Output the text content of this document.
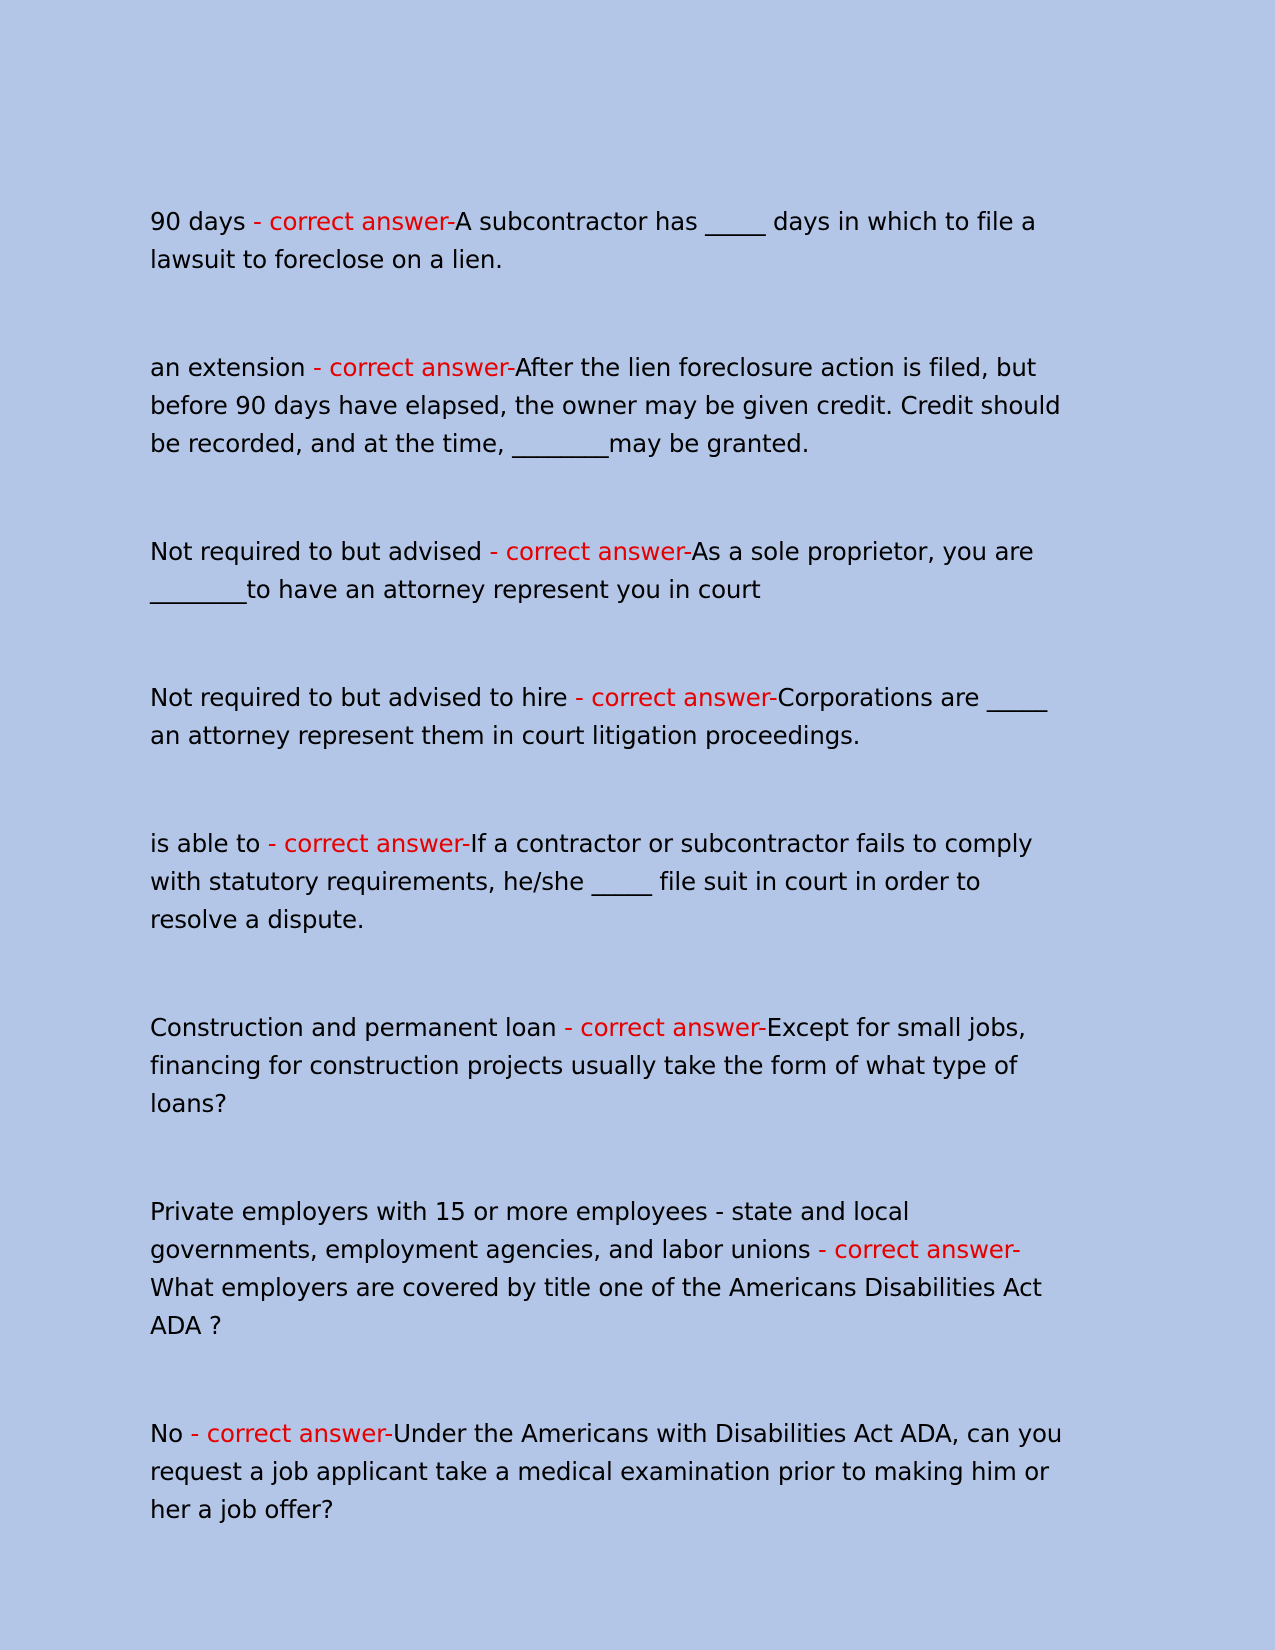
90 days - correct answer-A subcontractor has _____ days in which to file a lawsuit to foreclose on a lien.

an extension - correct answer-After the lien foreclosure action is filed, but before 90 days have elapsed, the owner may be given credit. Credit should be recorded, and at the time, ________may be granted.

Not required to but advised - correct answer-As a sole proprietor, you are ________to have an attorney represent you in court

Not required to but advised to hire - correct answer-Corporations are _____ an attorney represent them in court litigation proceedings.

is able to - correct answer-If a contractor or subcontractor fails to comply with statutory requirements, he/she _____ file suit in court in order to resolve a dispute.

Construction and permanent loan - correct answer-Except for small jobs, financing for construction projects usually take the form of what type of loans?

Private employers with 15 or more employees - state and local governments, employment agencies, and labor unions - correct answer-What employers are covered by title one of the Americans Disabilities Act ADA ?

No - correct answer-Under the Americans with Disabilities Act ADA, can you request a job applicant take a medical examination prior to making him or her a job offer?
